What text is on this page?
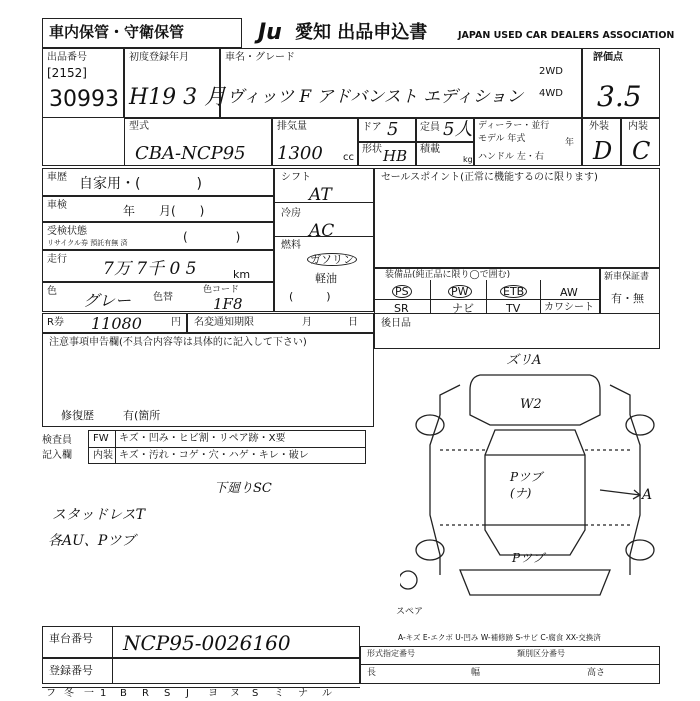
車内保管・守衛保管	Ju 愛知 出品申込書	JAPAN USED CAR DEALERS ASSOCIATION
出品番号
[2152]
30993
初度登録年月
H19 3 月
車名・グレード
ヴィッツ F アドバンスト エディション
2WD
4WD
評価点
3.5
外装
D
内装
C
型式
CBA-NCP95
排気量
1300 cc
ドア 5 定員 5人
形状 HB 積載
kg
ディーラー・並行
モデル 年式	年
ハンドル 左・右
車歴 自家用・(　　　　)
車検	年　　月(　　)
受検状態
リサイクル券 預託有無 済	(　　　　)
走行 7万 7千 0 5	km
色 グレー 色替
色コード
1F8
シフト
AT
冷房
AC
燃料
ガソリン
軽油
(　　　)
セールスポイント(正常に機能するのに限ります)
装備品(純正品に限り◯で囲む)
PS	PW	ETB	AW
SR	ナビ	TV カワシート
新車保証書
有・無
R券 11080	円 名変通知期限	月	日 後日品
注意事項申告欄(不具合内容等は具体的に記入して下さい)
修復歴	有(箇所
検査員 記入欄
FW キズ・凹み・ヒビ割・リペア跡・X要
内装 キズ・汚れ・コゲ・穴・ハゲ・キレ・破レ
下廻りSC
スタッドレスT
各AU、Pツブ
ズリA
W2
Pツブ
(ナ)
Pツブ
A
スペア
A-キズ E-エクボ U-凹み W-補修跡 S-サビ C-腐食 XX-交換済
車台番号 NCP95-0026160
登録番号
形式指定番号	類別区分番号
長	幅	高さ
フ 冬 一 1 B R S J ヨ ヌ S ミ ナ ル
